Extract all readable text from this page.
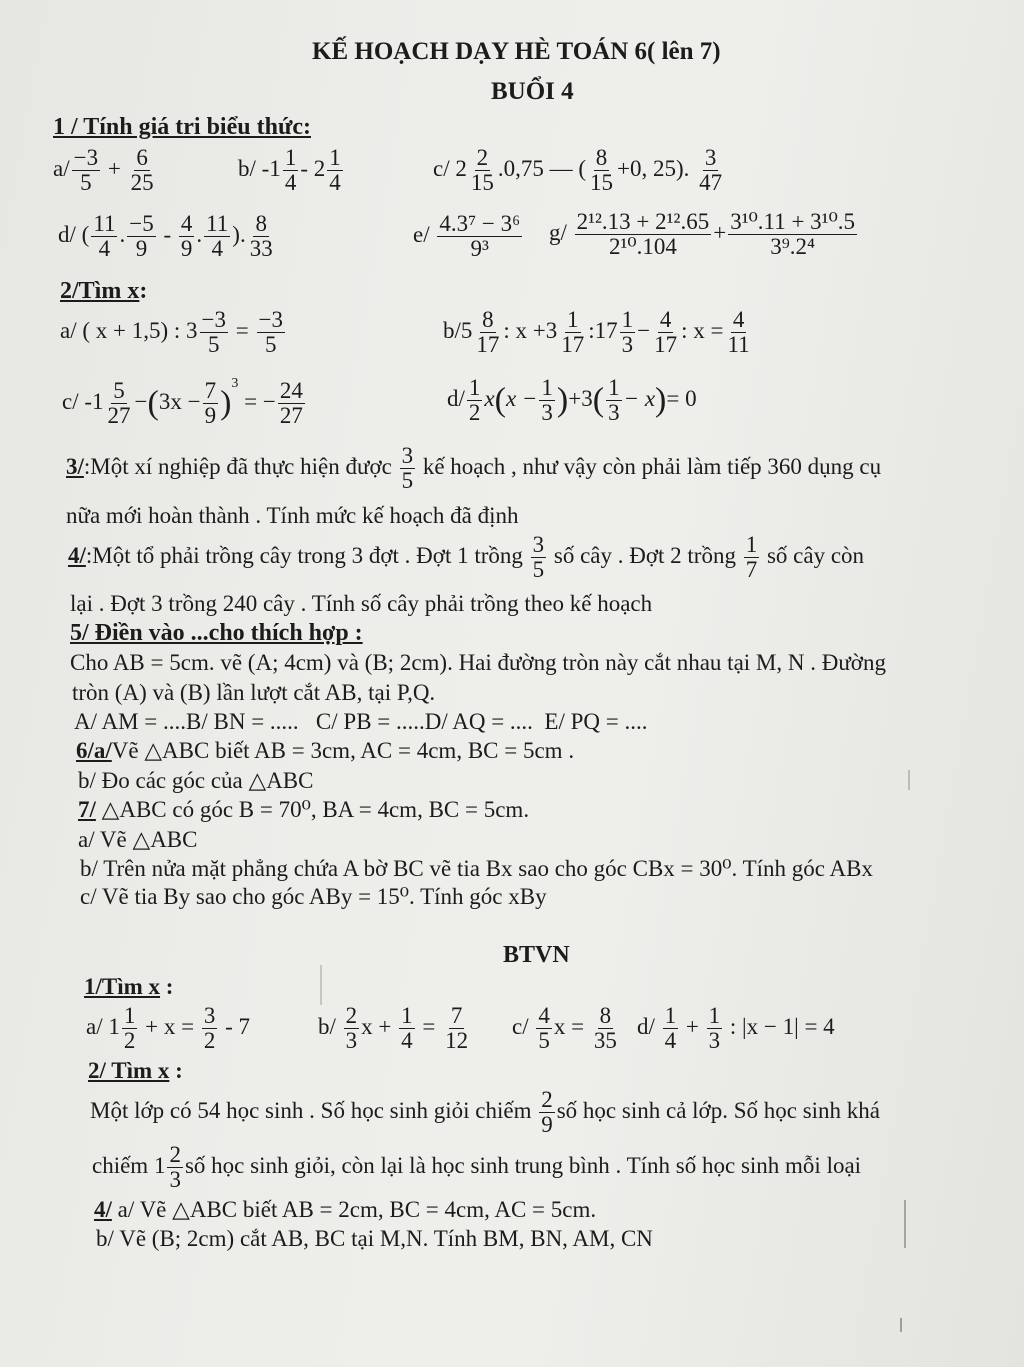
KẾ HOẠCH DẠY HÈ TOÁN 6( lên 7)
BUỔI 4
1 / Tính giá tri biểu thức:
$a/ \frac{-3}{5} + \frac{6}{25}$	b/ $-1 \frac{1}{4} - 2 \frac{1}{4}$	c/ $2 \frac{2}{15} .0,75$ — ( $\frac{8}{15} +0$, 25). $\frac{3}{47}$
d/ ( $\frac{11}{4}$ . $\frac{-5}{9} - \frac{4}{9}$ . $\frac{11}{4}$ ). $\frac{8}{33}$	$e/ \frac{\text{4.3⁷ − 3⁶}}{\text{9³}} g/ \frac{\text{2¹².13 + 2¹².65}}{\text{2¹⁰.104}} + \frac{\text{3¹⁰.11 + 3¹⁰.5}}{\text{3⁹.2⁴}}$
2/Tìm x:
a/ ( x + 1,5) : $3 \frac{-3}{5} = \frac{-3}{5}$	$b/5 \frac{8}{17}$ : $x +3 \frac{1}{17}$ :17 $\frac{1}{3} - \frac{4}{17}$ : $x = \frac{4}{11}$
c/ $-1 \frac{5}{27} -(3x - \frac{7}{9} )^3$ = − $\frac{24}{27}$	$d/ \frac{1}{2} x(x - \frac{1}{3} )+3( \frac{1}{3} - x)= 0$
3/:Một xí nghiệp đã thực hiện được $\frac{3}{5}$ kế hoạch , như vậy còn phải làm tiếp 360 dụng cụ
nữa mới hoàn thành . Tính mức kế hoạch đã định
4/:Một tổ phải trồng cây trong 3 đợt . Đợt 1 trồng $\frac{3}{5}$ số cây . Đợt 2 trồng $\frac{1}{7}$ số cây còn
lại . Đợt 3 trồng 240 cây . Tính số cây phải trồng theo kế hoạch
5/ Điền vào ...cho thích hợp :
Cho AB = 5cm. vẽ (A; 4cm) và (B; 2cm). Hai đường tròn này cắt nhau tại M, N . Đường
tròn (A) và (B) lần lượt cắt AB, tại P,Q.
A/ AM = ....B/ BN = .....   C/ PB = .....D/ AQ = ....  E/ PQ = ....
6/a/Vẽ △ABC biết AB = 3cm, AC = 4cm, BC = 5cm .
b/ Đo các góc của △ABC
7/ △ABC có góc B = 70⁰, BA = 4cm, BC = 5cm.
a/ Vẽ △ABC
b/ Trên nửa mặt phẳng chứa A bờ BC vẽ tia Bx sao cho góc CBx = 30⁰. Tính góc ABx
c/ Vẽ tia By sao cho góc ABy = 15⁰. Tính góc xBy
BTVN
1/Tìm x :
a/ $1 \frac{1}{2} + x = \frac{3}{2} - 7$	$b/ \frac{2}{3}$ $x + \frac{1}{4} = \frac{7}{12} c/ \frac{4}{5}$ $x = \frac{8}{35} d/ \frac{1}{4} + \frac{1}{3}$ : |x − 1| = 4
2/ Tìm x :
Một lớp có 54 học sinh . Số học sinh giỏi chiếm $\frac{2}{9}$ số học sinh cả lớp. Số học sinh khá
chiếm $1 \frac{2}{3}$ số học sinh giỏi, còn lại là học sinh trung bình . Tính số học sinh mỗi loại
4/ a/ Vẽ △ABC biết AB = 2cm, BC = 4cm, AC = 5cm.
b/ Vẽ (B; 2cm) cắt AB, BC tại M,N. Tính BM, BN, AM, CN
